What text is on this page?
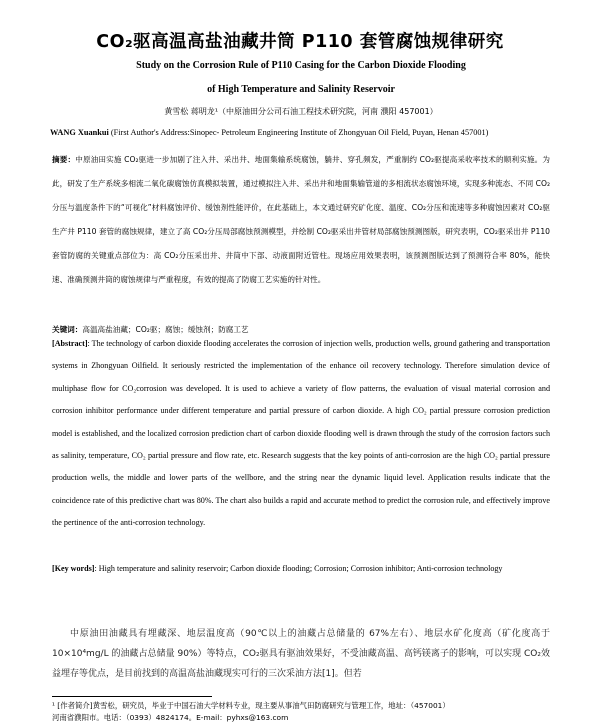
CO₂驱高温高盐油藏井筒 P110 套管腐蚀规律研究

Study on the Corrosion Rule of P110 Casing for the Carbon Dioxide Flooding

of High Temperature and Salinity Reservoir

黄雪松 蒋明龙¹（中原油田分公司石油工程技术研究院，河南 濮阳 457001）

WANG Xuankui (First Author's Address:Sinopec- Petroleum Engineering Institute of Zhongyuan Oil Field, Puyan, Henan 457001)

摘要：中原油田实施 CO₂驱进一步加剧了注入井、采出井、地面集输系统腐蚀，躺井、穿孔频发，严重制约 CO₂驱提高采收率技术的顺利实施。为此，研发了生产系统多相流二氧化碳腐蚀仿真模拟装置，通过模拟注入井、采出井和地面集输管道的多相流状态腐蚀环境，实现多种流态、不同 CO₂分压与温度条件下的“可视化”材料腐蚀评价、缓蚀剂性能评价，在此基础上，本文通过研究矿化度、温度、CO₂分压和流速等多种腐蚀因素对 CO₂驱生产井 P110 套管的腐蚀规律，建立了高 CO₂分压局部腐蚀预测模型，并绘制 CO₂驱采出井管材局部腐蚀预测图版，研究表明，CO₂驱采出井 P110 套管防腐的关键重点部位为：高 CO₂分压采出井、井筒中下部、动液面附近管柱。现场应用效果表明，该预测图版达到了预测符合率 80%，能快速、准确预测井筒的腐蚀规律与严重程度，有效的提高了防腐工艺实施的针对性。

关键词：高温高盐油藏；CO₂驱；腐蚀；缓蚀剂；防腐工艺

[Abstract]: The technology of carbon dioxide flooding accelerates the corrosion of injection wells, production wells, ground gathering and transportation systems in Zhongyuan Oilfield. It seriously restricted the implementation of the enhance oil recovery technology. Therefore simulation device of multiphase flow for CO₂corrosion was developed. It is used to achieve a variety of flow patterns, the evaluation of visual material corrosion and corrosion inhibitor performance under different temperature and partial pressure of carbon dioxide. A high CO₂ partial pressure corrosion prediction model is established, and the localized corrosion prediction chart of carbon dioxide flooding well is drawn through the study of the corrosion factors such as salinity, temperature, CO₂ partial pressure and flow rate, etc. Research suggests that the key points of anti-corrosion are the high CO₂ partial pressure production wells, the middle and lower parts of the wellbore, and the string near the dynamic liquid level. Application results indicate that the coincidence rate of this predictive chart was 80%. The chart also builds a rapid and accurate method to predict the corrosion rule, and effectively improve the pertinence of the anti-corrosion technology.

[Key words]: High temperature and salinity reservoir; Carbon dioxide flooding; Corrosion; Corrosion inhibitor; Anti-corrosion technology

中原油田油藏具有埋藏深、地层温度高（90℃以上的油藏占总储量的 67%左右）、地层水矿化度高（矿化度高于 10×10⁴mg/L 的油藏占总储量 90%）等特点，CO₂驱具有驱油效果好，不受油藏高温、高钙镁离子的影响，可以实现 CO₂效益埋存等优点，是目前找到的高温高盐油藏现实可行的三次采油方法[1]。但若

¹ [作者简介]黄雪松，研究员，毕业于中国石油大学材料专业，现主要从事油气田防腐研究与管理工作，地址：（457001）
河南省濮阳市。电话：（0393）4824174。E-mail：pyhxs@163.com
